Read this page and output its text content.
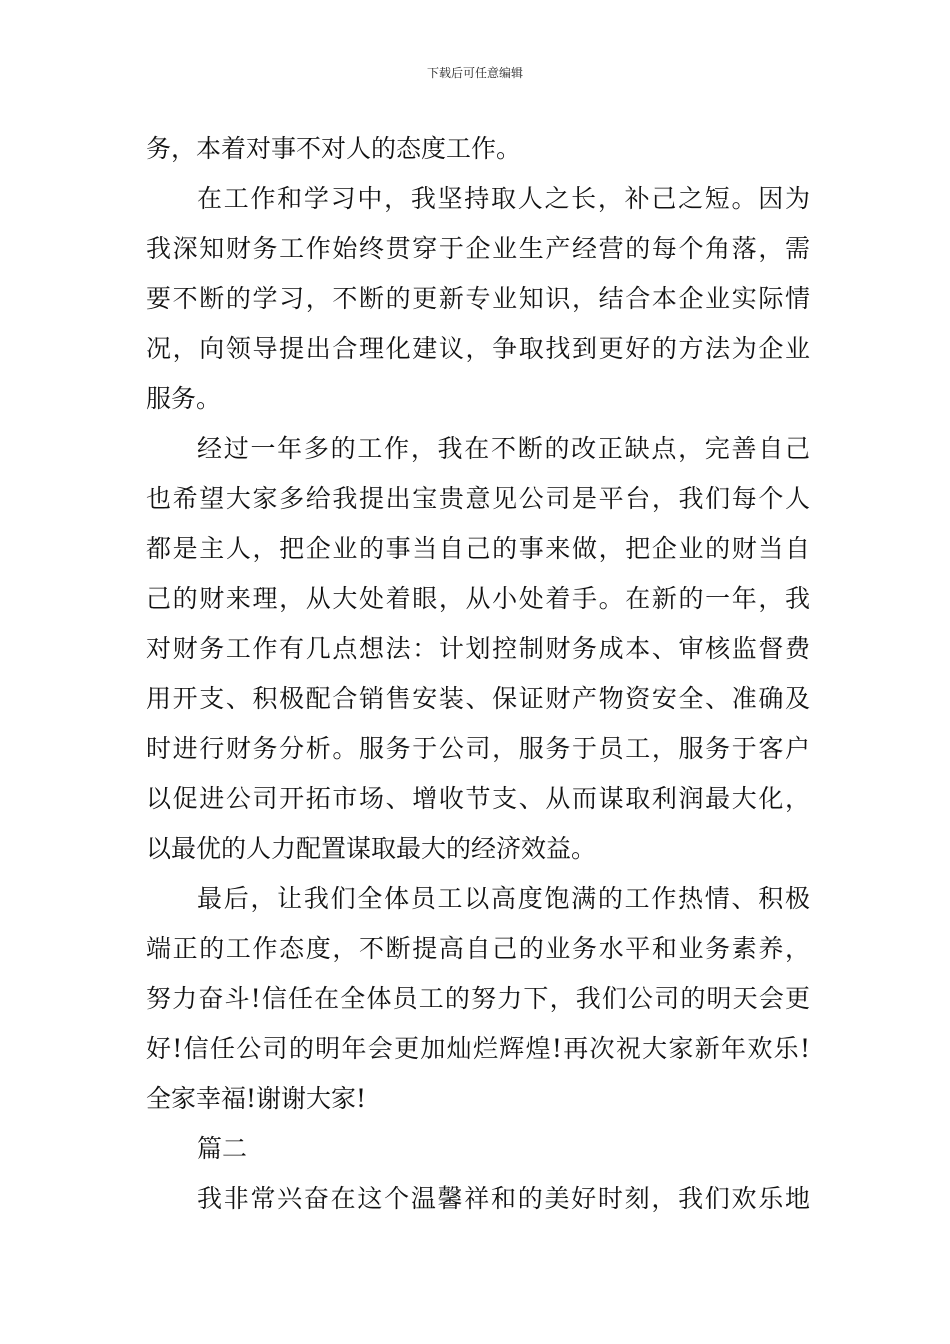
下载后可任意编辑
务，本着对事不对人的态度工作。
在工作和学习中，我坚持取人之长，补己之短。因为
我深知财务工作始终贯穿于企业生产经营的每个角落，需
要不断的学习，不断的更新专业知识，结合本企业实际情
况，向领导提出合理化建议，争取找到更好的方法为企业
服务。
经过一年多的工作，我在不断的改正缺点，完善自己
也希望大家多给我提出宝贵意见公司是平台，我们每个人
都是主人，把企业的事当自己的事来做，把企业的财当自
己的财来理，从大处着眼，从小处着手。在新的一年，我
对财务工作有几点想法：计划控制财务成本、审核监督费
用开支、积极配合销售安装、保证财产物资安全、准确及
时进行财务分析。服务于公司，服务于员工，服务于客户
以促进公司开拓市场、增收节支、从而谋取利润最大化，
以最优的人力配置谋取最大的经济效益。
最后，让我们全体员工以高度饱满的工作热情、积极
端正的工作态度，不断提高自己的业务水平和业务素养，
努力奋斗!信任在全体员工的努力下，我们公司的明天会更
好!信任公司的明年会更加灿烂辉煌!再次祝大家新年欢乐!
全家幸福!谢谢大家!
篇二
我非常兴奋在这个温馨祥和的美好时刻，我们欢乐地
